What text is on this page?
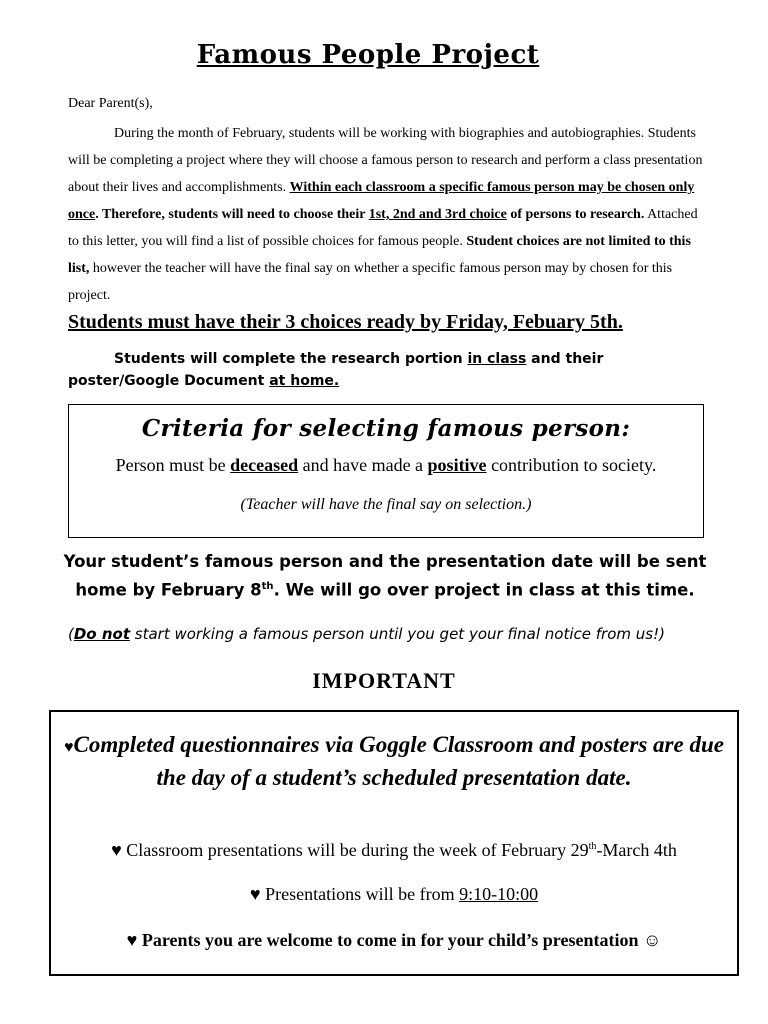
Famous People Project
Dear Parent(s),
During the month of February, students will be working with biographies and autobiographies. Students will be completing a project where they will choose a famous person to research and perform a class presentation about their lives and accomplishments. Within each classroom a specific famous person may be chosen only once. Therefore, students will need to choose their 1st, 2nd and 3rd choice of persons to research. Attached to this letter, you will find a list of possible choices for famous people. Student choices are not limited to this list, however the teacher will have the final say on whether a specific famous person may by chosen for this project.
Students must have their 3 choices ready by Friday, Febuary 5th.
Students will complete the research portion in class and their poster/Google Document at home.
Criteria for selecting famous person:
Person must be deceased and have made a positive contribution to society.
(Teacher will have the final say on selection.)
Your student’s famous person and the presentation date will be sent home by February 8th. We will go over project in class at this time.
(Do not start working a famous person until you get your final notice from us!)
IMPORTANT
♥Completed questionnaires via Goggle Classroom and posters are due the day of a student’s scheduled presentation date.
♥ Classroom presentations will be during the week of February 29th-March 4th
♥ Presentations will be from 9:10-10:00
♥ Parents you are welcome to come in for your child’s presentation ☺
